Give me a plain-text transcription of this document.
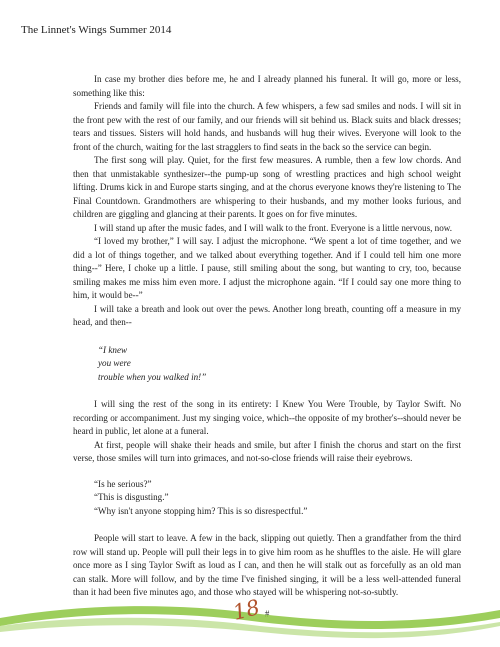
The Linnet's Wings Summer 2014

In case my brother dies before me, he and I already planned his funeral. It will go, more or less, something like this:

Friends and family will file into the church. A few whispers, a few sad smiles and nods. I will sit in the front pew with the rest of our family, and our friends will sit behind us. Black suits and black dresses; tears and tissues. Sisters will hold hands, and husbands will hug their wives. Everyone will look to the front of the church, waiting for the last stragglers to find seats in the back so the service can begin.

The first song will play. Quiet, for the first few measures. A rumble, then a few low chords. And then that unmistakable synthesizer--the pump-up song of wrestling practices and high school weight lifting. Drums kick in and Europe starts singing, and at the chorus everyone knows they're listening to The Final Countdown. Grandmothers are whispering to their husbands, and my mother looks furious, and children are giggling and glancing at their parents. It goes on for five minutes.

I will stand up after the music fades, and I will walk to the front. Everyone is a little nervous, now.

“I loved my brother,” I will say. I adjust the microphone. “We spent a lot of time together, and we did a lot of things together, and we talked about everything together. And if I could tell him one more thing--” Here, I choke up a little. I pause, still smiling about the song, but wanting to cry, too, because smiling makes me miss him even more. I adjust the microphone again. “If I could say one more thing to him, it would be--”

I will take a breath and look out over the pews. Another long breath, counting off a measure in my head, and then--

“I knew
you were
trouble when you walked in!”

I will sing the rest of the song in its entirety: I Knew You Were Trouble, by Taylor Swift. No recording or accompaniment. Just my singing voice, which--the opposite of my brother's--should never be heard in public, let alone at a funeral.

At first, people will shake their heads and smile, but after I finish the chorus and start on the first verse, those smiles will turn into grimaces, and not-so-close friends will raise their eyebrows.

“Is he serious?”
“This is disgusting.”
“Why isn't anyone stopping him? This is so disrespectful.”

People will start to leave. A few in the back, slipping out quietly. Then a grandfather from the third row will stand up. People will pull their legs in to give him room as he shuffles to the aisle. He will glare once more as I sing Taylor Swift as loud as I can, and then he will stalk out as forcefully as an old man can stalk. More will follow, and by the time I've finished singing, it will be a less well-attended funeral than it had been five minutes ago, and those who stayed will be whispering not-so-subtly.

#
18
